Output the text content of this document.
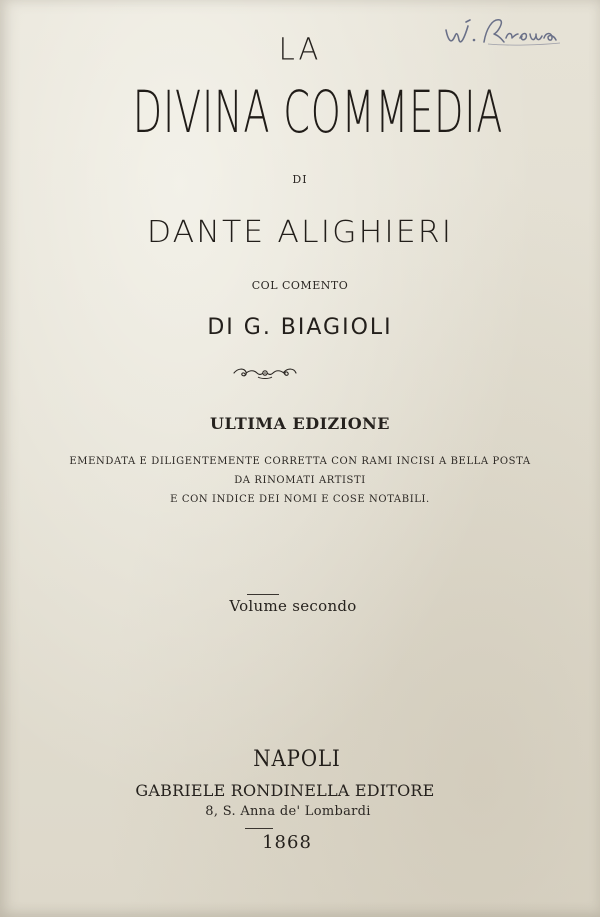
LA
DIVINA COMMEDIA
DI
DANTE ALIGHIERI
COL COMENTO
DI G. BIAGIOLI
ULTIMA EDIZIONE
EMENDATA E DILIGENTEMENTE CORRETTA CON RAMI INCISI A BELLA POSTA
DA RINOMATI ARTISTI
E CON INDICE DEI NOMI E COSE NOTABILI.
Volume secondo
NAPOLI
GABRIELE RONDINELLA EDITORE
8, S. Anna de' Lombardi
1868
